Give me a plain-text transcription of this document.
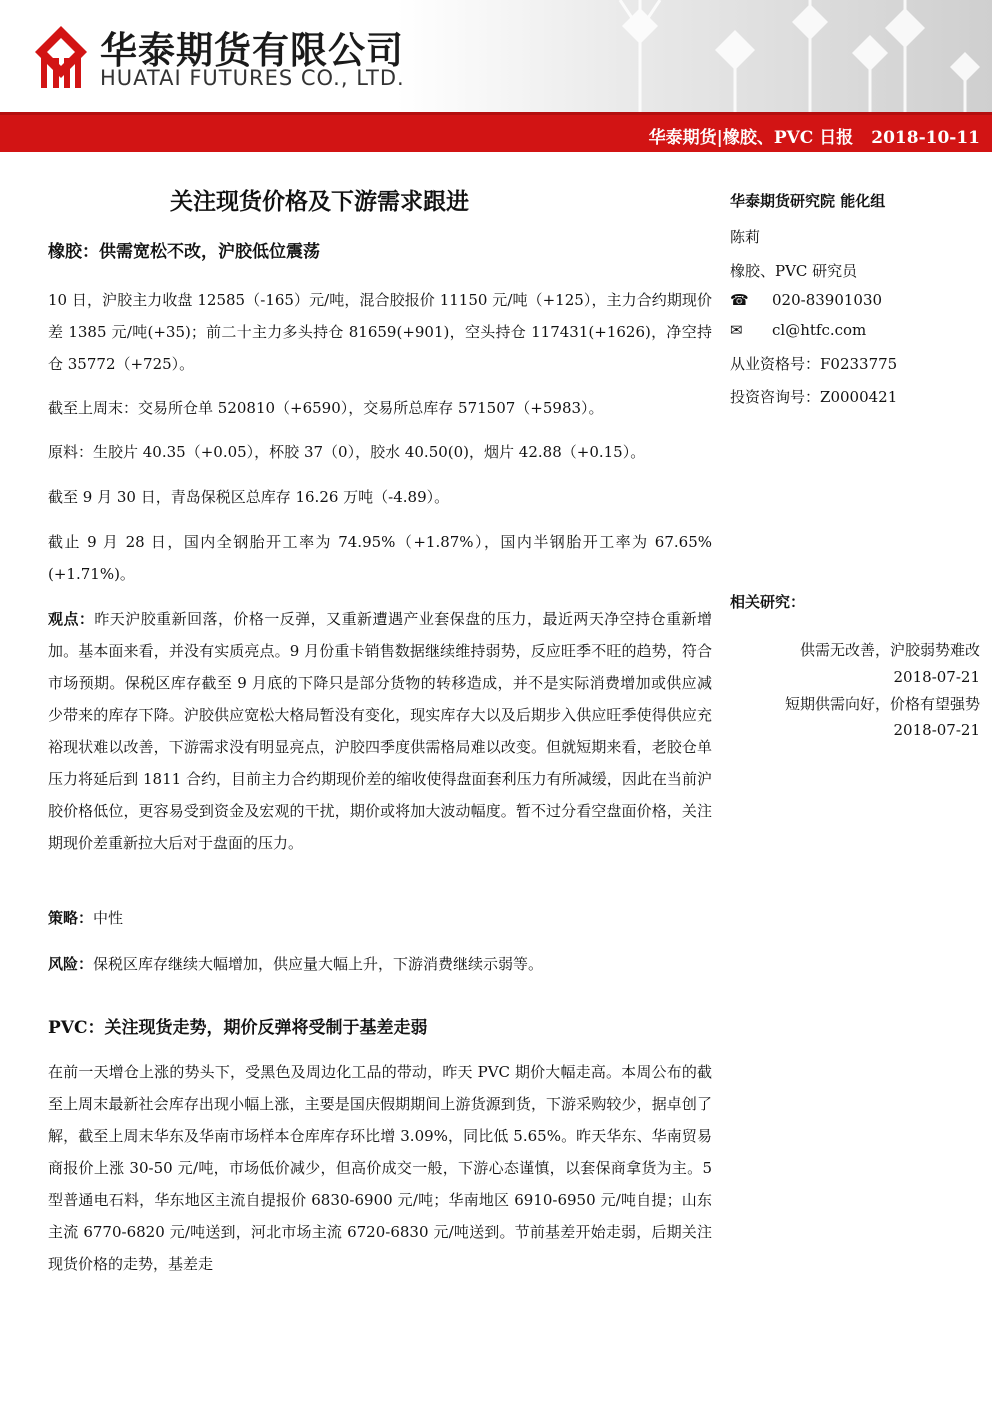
华泰期货有限公司
HUATAI FUTURES CO., LTD.
华泰期货|橡胶、PVC 日报 2018-10-11
关注现货价格及下游需求跟进
橡胶：供需宽松不改，沪胶低位震荡

10 日，沪胶主力收盘 12585（-165）元/吨，混合胶报价 11150 元/吨（+125），主力合约期现价差 1385 元/吨(+35)；前二十主力多头持仓 81659(+901)，空头持仓 117431(+1626)，净空持仓 35772（+725）。

截至上周末：交易所仓单 520810（+6590），交易所总库存 571507（+5983）。

原料：生胶片 40.35（+0.05），杯胶 37（0），胶水 40.50(0)，烟片 42.88（+0.15）。

截至 9 月 30 日，青岛保税区总库存 16.26 万吨（-4.89）。

截止 9 月 28 日，国内全钢胎开工率为 74.95%（+1.87%），国内半钢胎开工率为 67.65%(+1.71%)。

观点：昨天沪胶重新回落，价格一反弹，又重新遭遇产业套保盘的压力，最近两天净空持仓重新增加。基本面来看，并没有实质亮点。9 月份重卡销售数据继续维持弱势，反应旺季不旺的趋势，符合市场预期。保税区库存截至 9 月底的下降只是部分货物的转移造成，并不是实际消费增加或供应减少带来的库存下降。沪胶供应宽松大格局暂没有变化，现实库存大以及后期步入供应旺季使得供应充裕现状难以改善，下游需求没有明显亮点，沪胶四季度供需格局难以改变。但就短期来看，老胶仓单压力将延后到 1811 合约，目前主力合约期现价差的缩收使得盘面套利压力有所减缓，因此在当前沪胶价格低位，更容易受到资金及宏观的干扰，期价或将加大波动幅度。暂不过分看空盘面价格，关注期现价差重新拉大后对于盘面的压力。

策略：中性

风险：保税区库存继续大幅增加，供应量大幅上升，下游消费继续示弱等。

PVC：关注现货走势，期价反弹将受制于基差走弱

在前一天增仓上涨的势头下，受黑色及周边化工品的带动，昨天 PVC 期价大幅走高。本周公布的截至上周末最新社会库存出现小幅上涨，主要是国庆假期期间上游货源到货，下游采购较少，据卓创了解，截至上周末华东及华南市场样本仓库库存环比增 3.09%，同比低 5.65%。昨天华东、华南贸易商报价上涨 30-50 元/吨，市场低价减少，但高价成交一般，下游心态谨慎，以套保商拿货为主。5 型普通电石料，华东地区主流自提报价 6830-6900 元/吨；华南地区 6910-6950 元/吨自提；山东主流 6770-6820 元/吨送到，河北市场主流 6720-6830 元/吨送到。节前基差开始走弱，后期关注现货价格的走势，基差走

华泰期货研究院 能化组
陈莉
橡胶、PVC 研究员
☎ 020-83901030
✉ cl@htfc.com
从业资格号：F0233775
投资咨询号：Z0000421
相关研究：
供需无改善，沪胶弱势难改
2018-07-21
短期供需向好，价格有望强势
2018-07-21
